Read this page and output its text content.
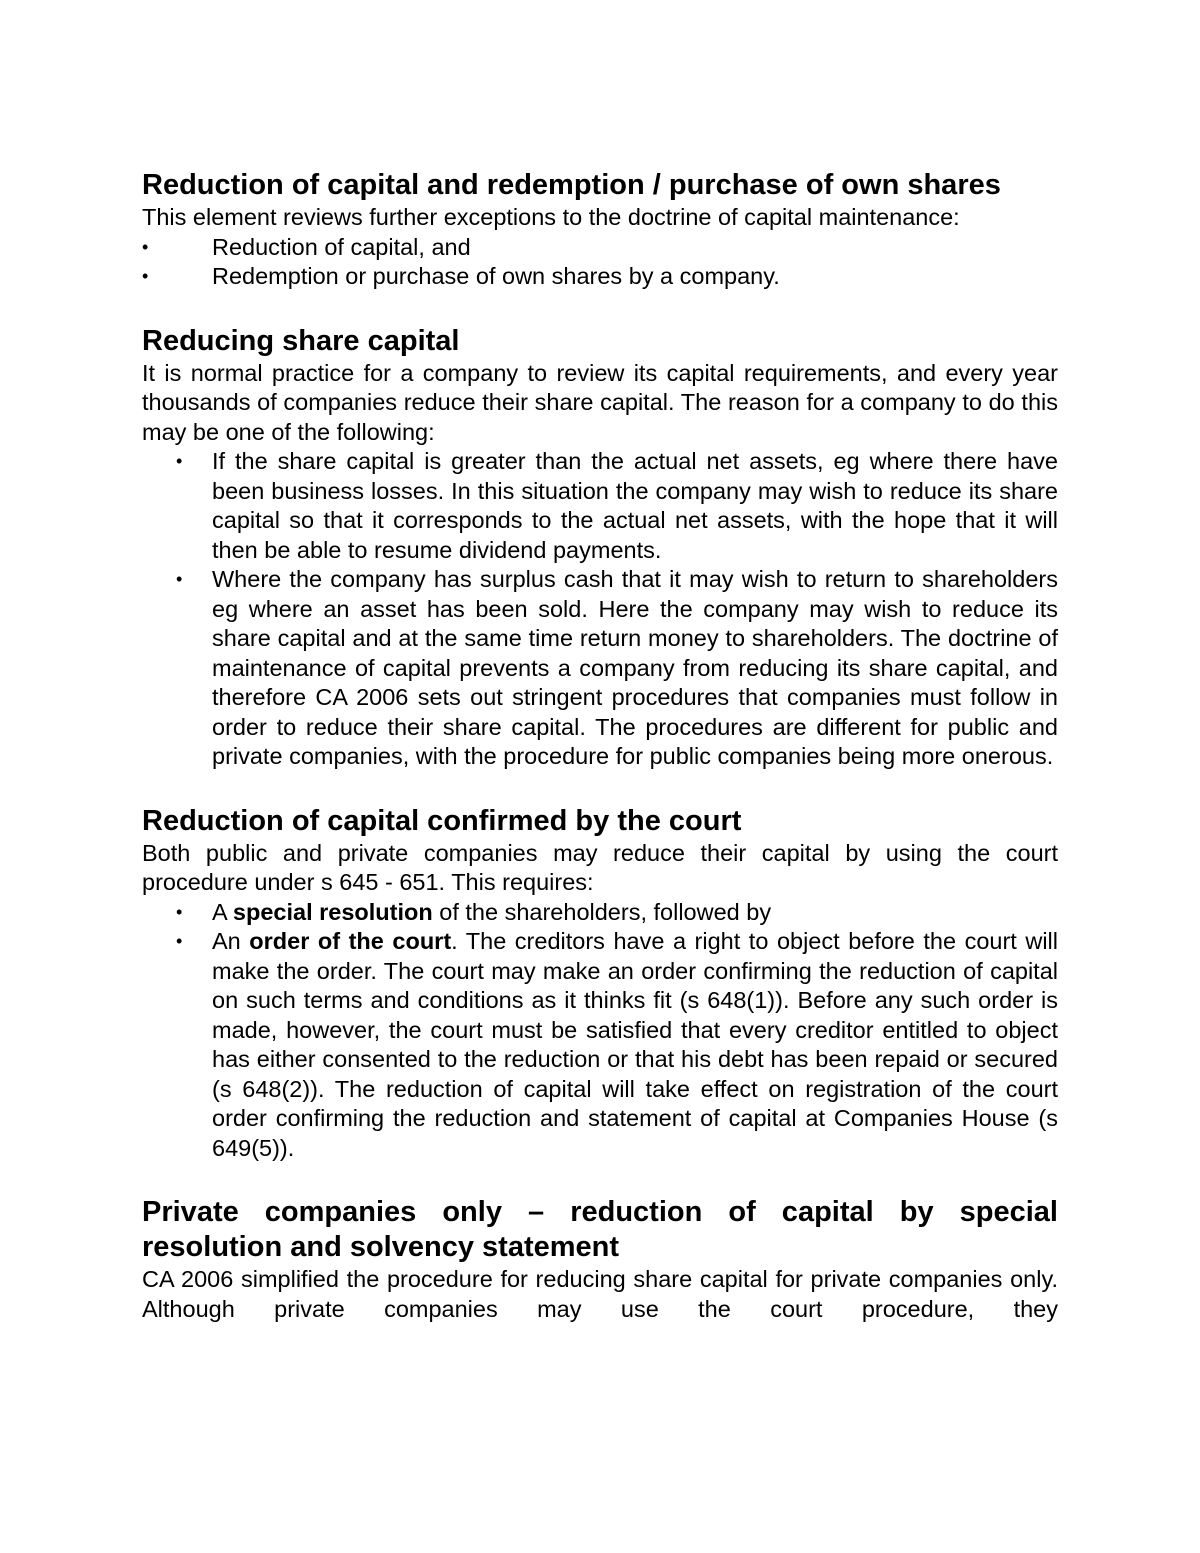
Reduction of capital and redemption / purchase of own shares

This element reviews further exceptions to the doctrine of capital maintenance:

•	Reduction of capital, and
•	Redemption or purchase of own shares by a company.
Reducing share capital

It is normal practice for a company to review its capital requirements, and every year thousands of companies reduce their share capital. The reason for a company to do this may be one of the following:

• If the share capital is greater than the actual net assets, eg where there have been business losses. In this situation the company may wish to reduce its share capital so that it corresponds to the actual net assets, with the hope that it will then be able to resume dividend payments.
• Where the company has surplus cash that it may wish to return to shareholders eg where an asset has been sold. Here the company may wish to reduce its share capital and at the same time return money to shareholders. The doctrine of maintenance of capital prevents a company from reducing its share capital, and therefore CA 2006 sets out stringent procedures that companies must follow in order to reduce their share capital. The procedures are different for public and private companies, with the procedure for public companies being more onerous.
Reduction of capital confirmed by the court

Both public and private companies may reduce their capital by using the court procedure under s 645 - 651. This requires:

• A special resolution of the shareholders, followed by
• An order of the court. The creditors have a right to object before the court will make the order. The court may make an order confirming the reduction of capital on such terms and conditions as it thinks fit (s 648(1)). Before any such order is made, however, the court must be satisfied that every creditor entitled to object has either consented to the reduction or that his debt has been repaid or secured (s 648(2)). The reduction of capital will take effect on registration of the court order confirming the reduction and statement of capital at Companies House (s 649(5)).
Private companies only – reduction of capital by special resolution and solvency statement

CA 2006 simplified the procedure for reducing share capital for private companies only. Although private companies may use the court procedure, they
